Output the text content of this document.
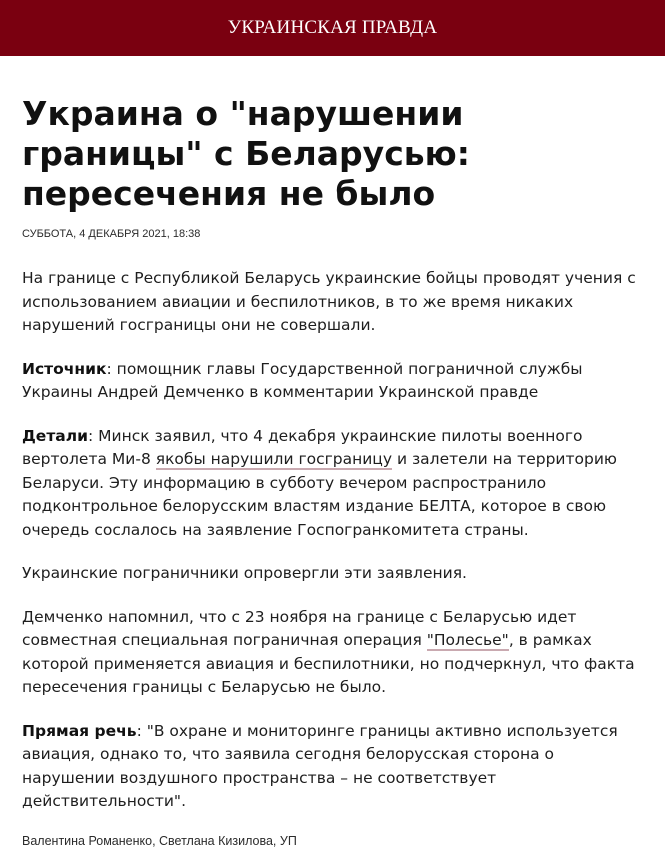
УКРАИНСКАЯ ПРАВДА
Украина о "нарушении границы" с Беларусью: пересечения не было
СУББОТА, 4 ДЕКАБРЯ 2021, 18:38

На границе с Республикой Беларусь украинские бойцы проводят учения с использованием авиации и беспилотников, в то же время никаких нарушений госграницы они не совершали.

Источник: помощник главы Государственной пограничной службы Украины Андрей Демченко в комментарии Украинской правде

Детали: Минск заявил, что 4 декабря украинские пилоты военного вертолета Ми-8 якобы нарушили госграницу и залетели на территорию Беларуси. Эту информацию в субботу вечером распространило подконтрольное белорусским властям издание БЕЛТА, которое в свою очередь сослалось на заявление Госпогранкомитета страны.

Украинские пограничники опровергли эти заявления.

Демченко напомнил, что с 23 ноября на границе с Беларусью идет совместная специальная пограничная операция "Полесье", в рамках которой применяется авиация и беспилотники, но подчеркнул, что факта пересечения границы с Беларусью не было.

Прямая речь: "В охране и мониторинге границы активно используется авиация, однако то, что заявила сегодня белорусская сторона о нарушении воздушного пространства – не соответствует действительности".

Валентина Романенко, Светлана Кизилова, УП
